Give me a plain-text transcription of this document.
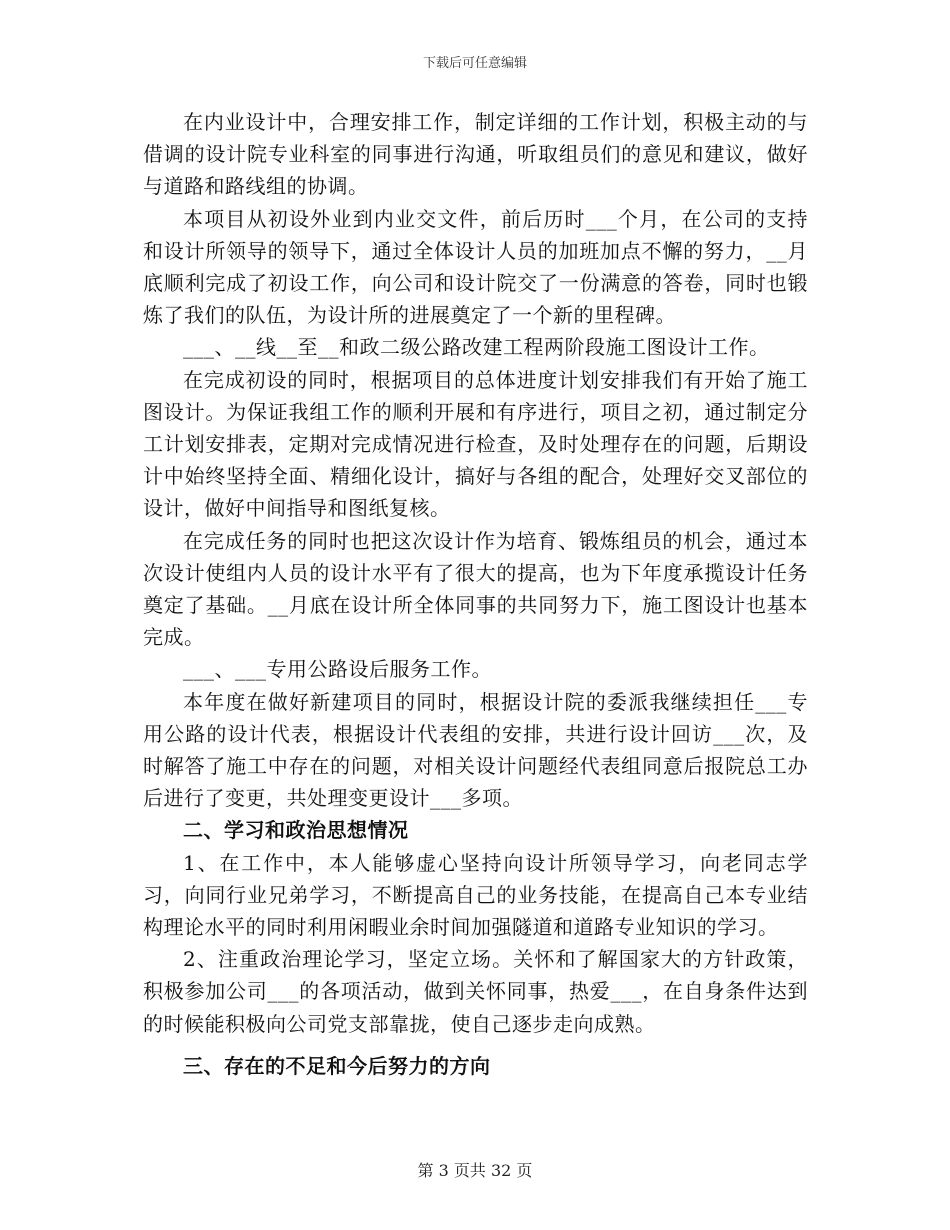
下载后可任意编辑

在内业设计中，合理安排工作，制定详细的工作计划，积极主动的与借调的设计院专业科室的同事进行沟通，听取组员们的意见和建议，做好与道路和路线组的协调。

本项目从初设外业到内业交文件，前后历时___个月，在公司的支持和设计所领导的领导下，通过全体设计人员的加班加点不懈的努力，__月底顺利完成了初设工作，向公司和设计院交了一份满意的答卷，同时也锻炼了我们的队伍，为设计所的进展奠定了一个新的里程碑。

___、__线__至__和政二级公路改建工程两阶段施工图设计工作。

在完成初设的同时，根据项目的总体进度计划安排我们有开始了施工图设计。为保证我组工作的顺利开展和有序进行，项目之初，通过制定分工计划安排表，定期对完成情况进行检查，及时处理存在的问题，后期设计中始终坚持全面、精细化设计，搞好与各组的配合，处理好交叉部位的设计，做好中间指导和图纸复核。

在完成任务的同时也把这次设计作为培育、锻炼组员的机会，通过本次设计使组内人员的设计水平有了很大的提高，也为下年度承揽设计任务奠定了基础。__月底在设计所全体同事的共同努力下，施工图设计也基本完成。

___、___专用公路设后服务工作。

本年度在做好新建项目的同时，根据设计院的委派我继续担任___专用公路的设计代表，根据设计代表组的安排，共进行设计回访___次，及时解答了施工中存在的问题，对相关设计问题经代表组同意后报院总工办后进行了变更，共处理变更设计___多项。

二、学习和政治思想情况

1、在工作中，本人能够虚心坚持向设计所领导学习，向老同志学习，向同行业兄弟学习，不断提高自己的业务技能，在提高自己本专业结构理论水平的同时利用闲暇业余时间加强隧道和道路专业知识的学习。

2、注重政治理论学习，坚定立场。关怀和了解国家大的方针政策，积极参加公司___的各项活动，做到关怀同事，热爱___，在自身条件达到的时候能积极向公司党支部靠拢，使自己逐步走向成熟。

三、存在的不足和今后努力的方向

第 3 页共 32 页
